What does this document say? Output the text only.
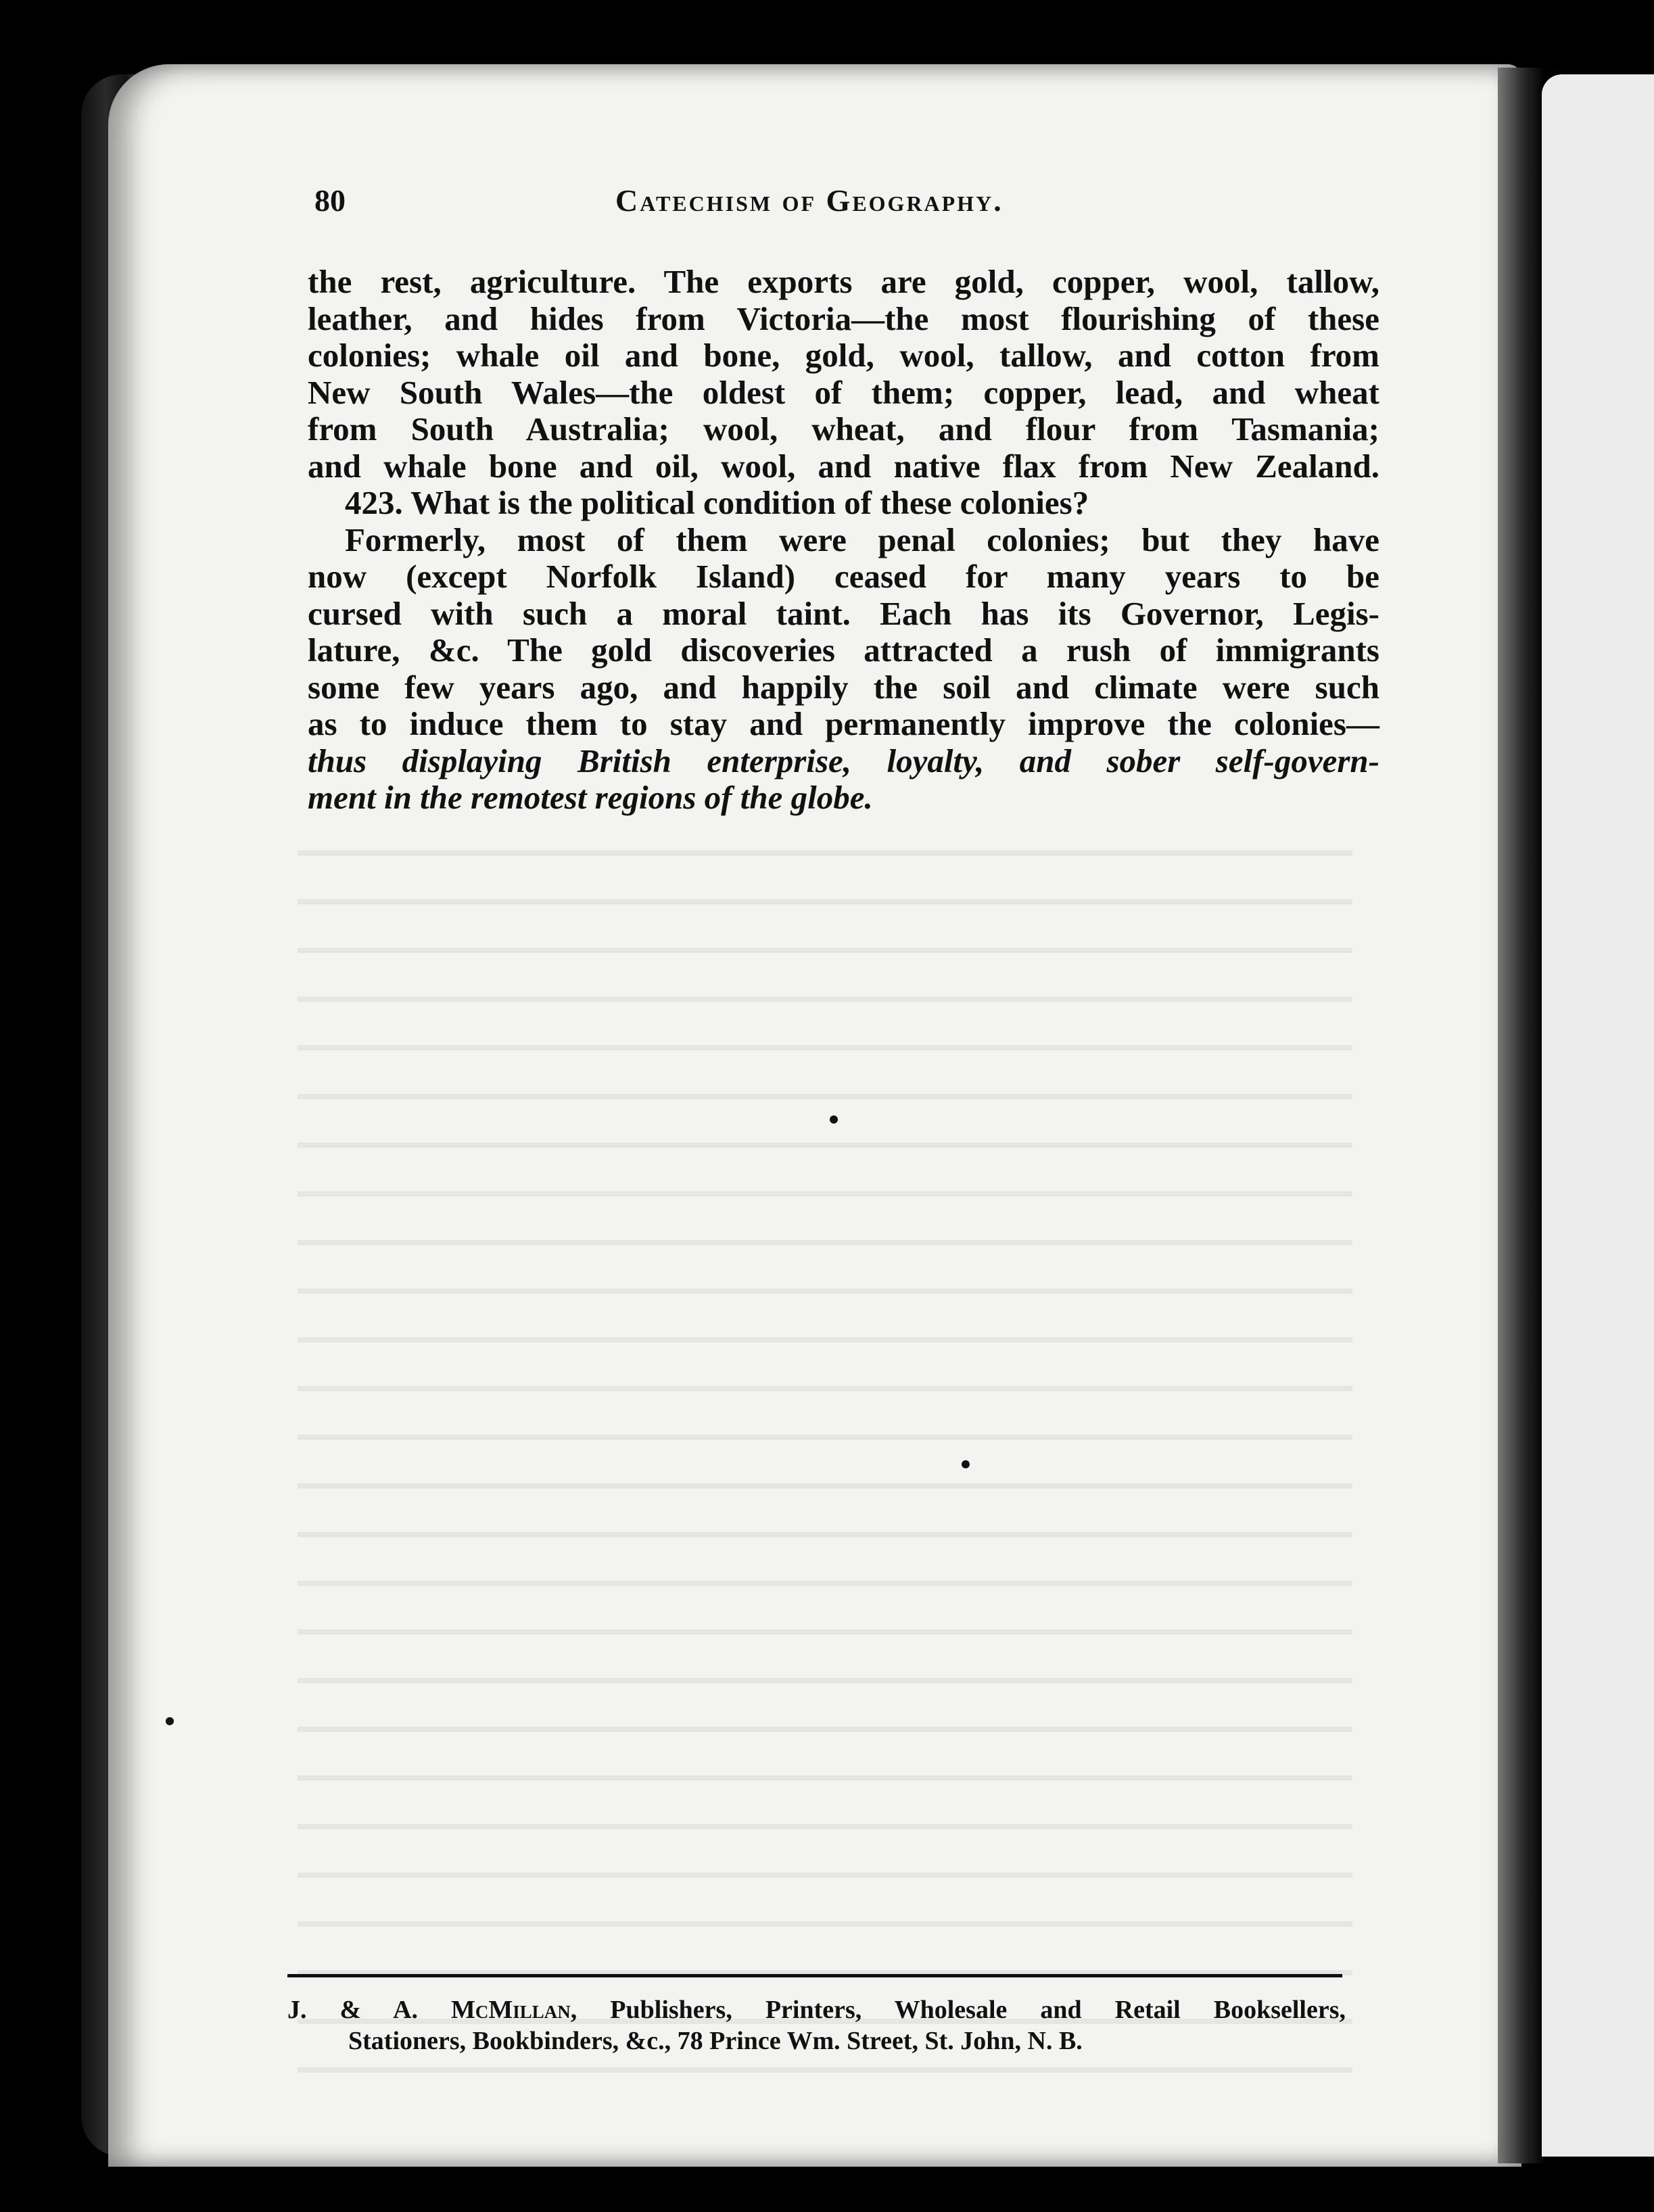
80	Catechism of Geography.
the rest, agriculture. The exports are gold, copper, wool, tallow,
leather, and hides from Victoria—the most flourishing of these
colonies; whale oil and bone, gold, wool, tallow, and cotton from
New South Wales—the oldest of them; copper, lead, and wheat
from South Australia; wool, wheat, and flour from Tasmania;
and whale bone and oil, wool, and native flax from New Zealand.
423. What is the political condition of these colonies?
Formerly, most of them were penal colonies; but they have
now (except Norfolk Island) ceased for many years to be
cursed with such a moral taint. Each has its Governor, Legis-
lature, &c. The gold discoveries attracted a rush of immigrants
some few years ago, and happily the soil and climate were such
as to induce them to stay and permanently improve the colonies—
thus displaying British enterprise, loyalty, and sober self-govern-
ment in the remotest regions of the globe.
J. & A. McMillan, Publishers, Printers, Wholesale and Retail Booksellers,
Stationers, Bookbinders, &c., 78 Prince Wm. Street, St. John, N. B.
